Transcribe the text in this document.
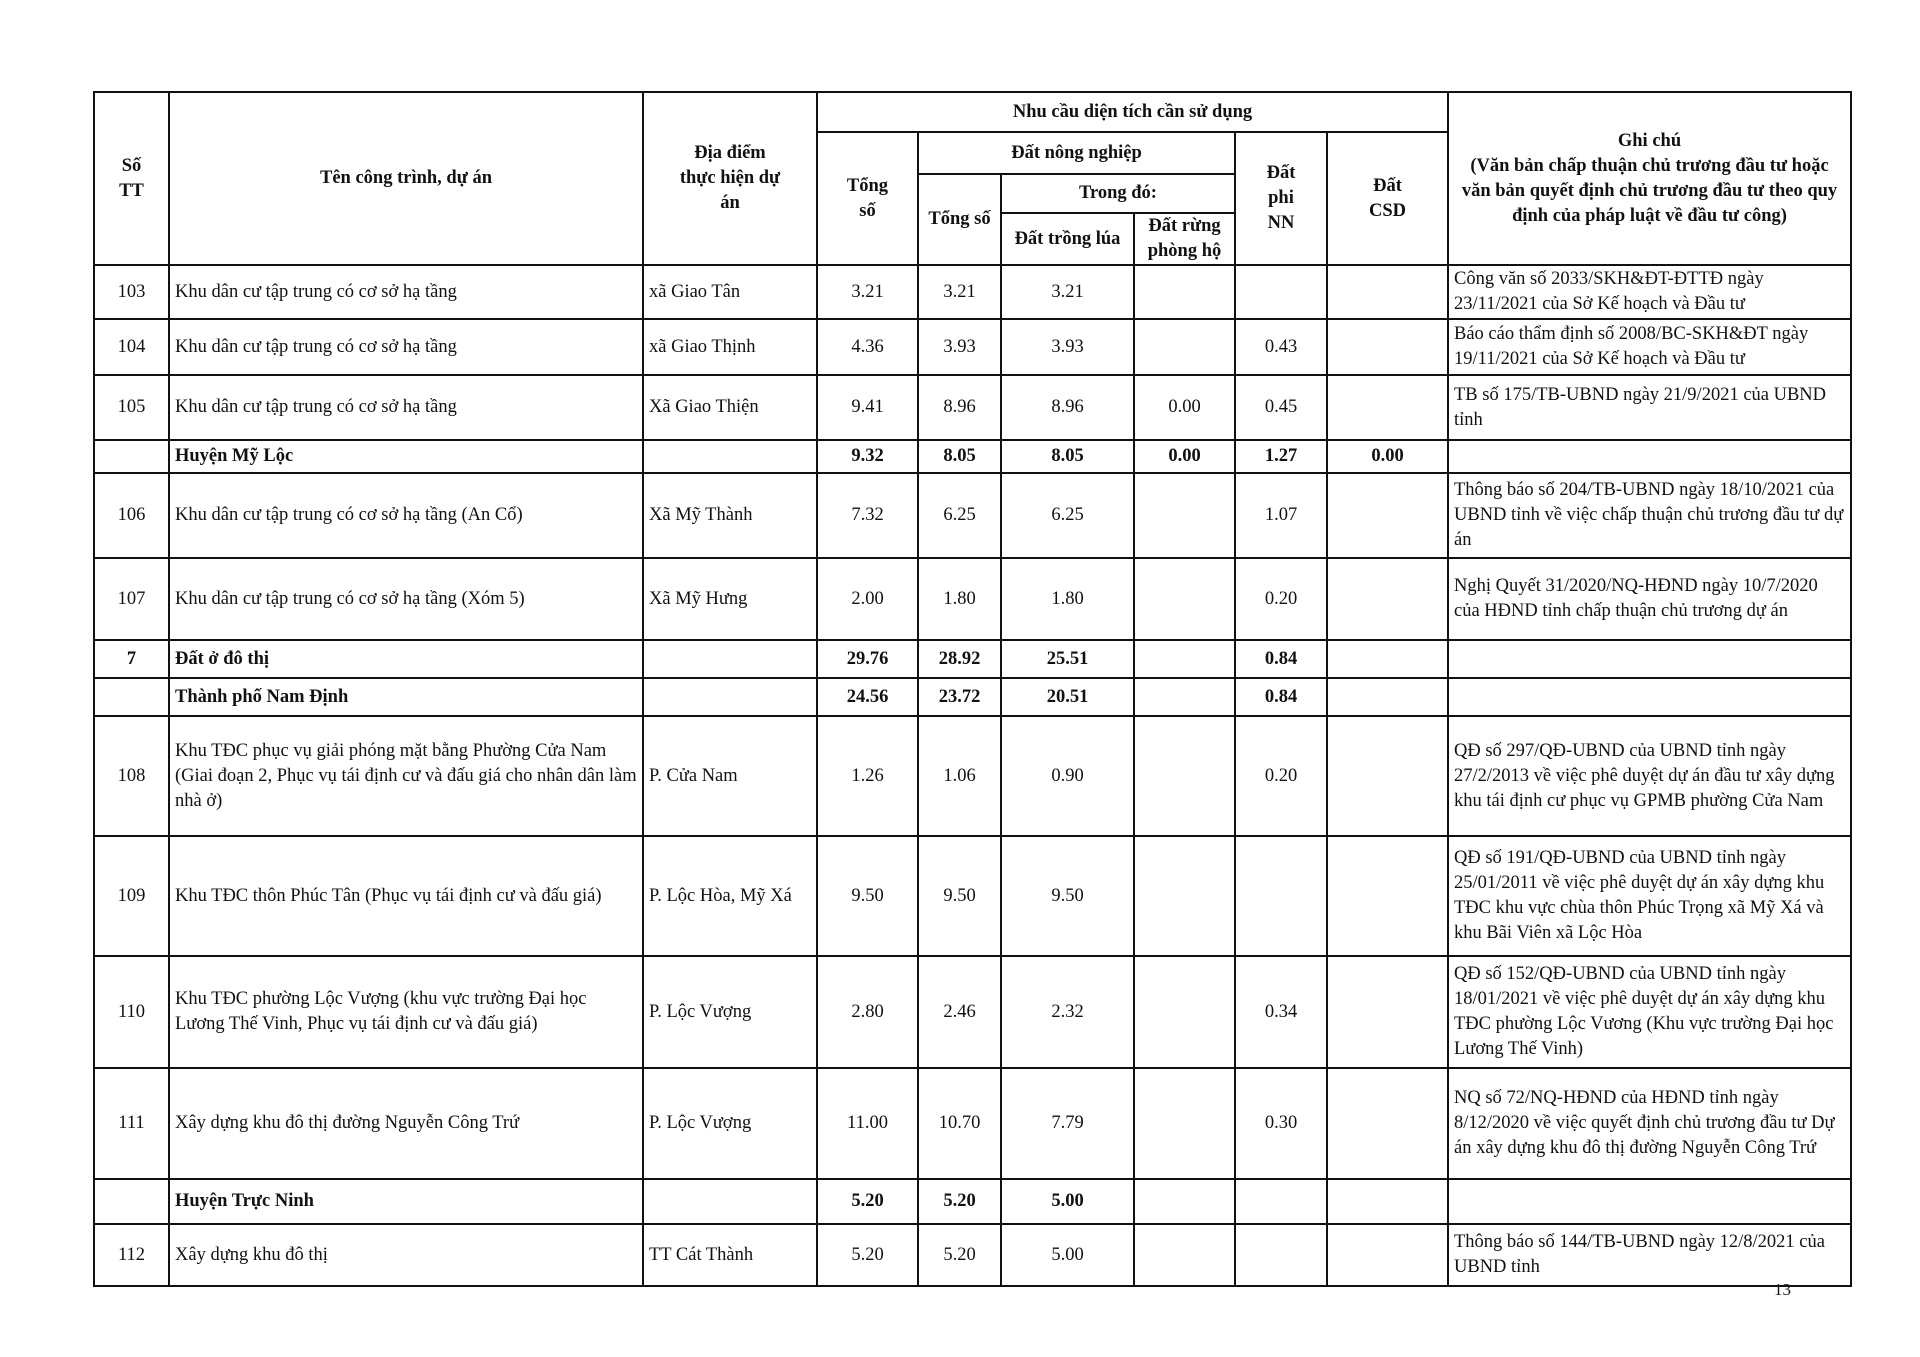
Số TT	Tên công trình, dự án	Địa điểm thực hiện dự án	Nhu cầu diện tích cần sử dụng						Ghi chú
(Văn bản chấp thuận chủ trương đầu tư hoặc văn bản quyết định chủ trương đầu tư theo quy định của pháp luật về đầu tư công)

			Tổng số	Đất nông nghiệp			Đất phi NN	Đất CSD	
				Tổng số	Trong đó:				
					Đất trồng lúa	Đất rừng phòng hộ			
103	Khu dân cư tập trung có cơ sở hạ tầng	xã Giao Tân	3.21	3.21	3.21				Công văn số 2033/SKH&ĐT-ĐTTĐ ngày 23/11/2021 của Sở Kế hoạch và Đầu tư
104	Khu dân cư tập trung có cơ sở hạ tầng	xã Giao Thịnh	4.36	3.93	3.93		0.43		Báo cáo thẩm định số 2008/BC-SKH&ĐT ngày 19/11/2021 của Sở Kế hoạch và Đầu tư
105	Khu dân cư tập trung có cơ sở hạ tầng	Xã Giao Thiện	9.41	8.96	8.96	0.00	0.45		TB số 175/TB-UBND ngày 21/9/2021 của UBND tỉnh
	Huyện Mỹ Lộc		9.32	8.05	8.05	0.00	1.27	0.00	
106	Khu dân cư tập trung có cơ sở hạ tầng (An Cổ)	Xã Mỹ Thành	7.32	6.25	6.25		1.07		Thông báo số 204/TB-UBND ngày 18/10/2021 của UBND tỉnh về việc chấp thuận chủ trương đầu tư dự án
107	Khu dân cư tập trung có cơ sở hạ tầng (Xóm 5)	Xã Mỹ Hưng	2.00	1.80	1.80		0.20		Nghị Quyết 31/2020/NQ-HĐND ngày 10/7/2020 của HĐND tỉnh chấp thuận chủ trương dự án
7	Đất ở đô thị		29.76	28.92	25.51		0.84		
	Thành phố Nam Định		24.56	23.72	20.51		0.84		
108	Khu TĐC phục vụ giải phóng mặt bằng Phường Cửa Nam (Giai đoạn 2, Phục vụ tái định cư và đấu giá cho nhân dân làm nhà ở)	P. Cửa Nam	1.26	1.06	0.90		0.20		QĐ số 297/QĐ-UBND của UBND tỉnh ngày 27/2/2013 về việc phê duyệt dự án đầu tư xây dựng khu tái định cư phục vụ GPMB phường Cửa Nam
109	Khu TĐC thôn Phúc Tân (Phục vụ tái định cư và đấu giá)	P. Lộc Hòa, Mỹ Xá	9.50	9.50	9.50				QĐ số 191/QĐ-UBND của UBND tỉnh ngày 25/01/2011 về việc phê duyệt dự án xây dựng khu TĐC khu vực chùa thôn Phúc Trọng xã Mỹ Xá và khu Bãi Viên xã Lộc Hòa
110	Khu TĐC phường Lộc Vượng (khu vực trường Đại học Lương Thế Vinh, Phục vụ tái định cư và đấu giá)	P. Lộc Vượng	2.80	2.46	2.32		0.34		QĐ số 152/QĐ-UBND của UBND tỉnh ngày 18/01/2021 về việc phê duyệt dự án xây dựng khu TĐC phường Lộc Vương (Khu vực trường Đại học Lương Thế Vinh)
111	Xây dựng khu đô thị đường Nguyễn Công Trứ	P. Lộc Vượng	11.00	10.70	7.79		0.30		NQ số 72/NQ-HĐND của HĐND tỉnh ngày 8/12/2020 về việc quyết định chủ trương đầu tư Dự án xây dựng khu đô thị đường Nguyễn Công Trứ
	Huyện Trực Ninh		5.20	5.20	5.00				
112	Xây dựng khu đô thị	TT Cát Thành	5.20	5.20	5.00				Thông báo số 144/TB-UBND ngày 12/8/2021 của UBND tỉnh
13
